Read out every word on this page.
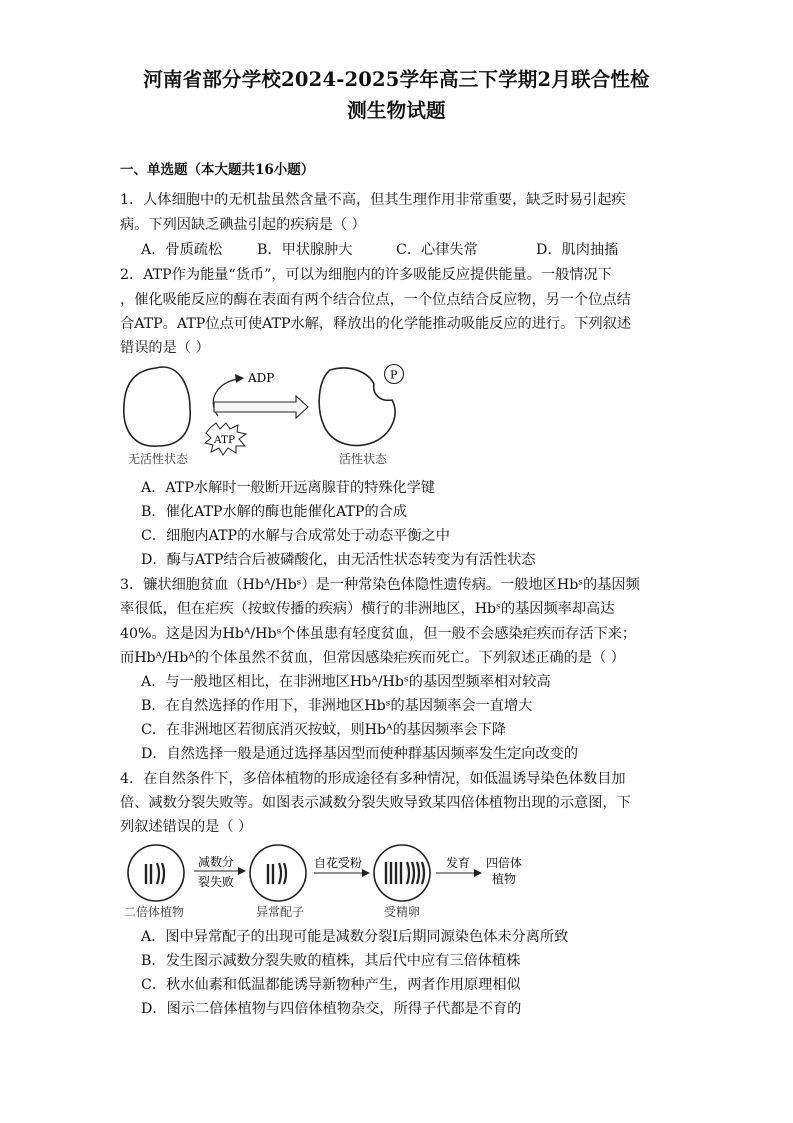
河南省部分学校2024-2025学年高三下学期2月联合性检
测生物试题
一、单选题（本大题共16小题）
1．人体细胞中的无机盐虽然含量不高，但其生理作用非常重要，缺乏时易引起疾
病。下列因缺乏碘盐引起的疾病是（ ）
A．骨质疏松 B．甲状腺肿大	C．心律失常	D．肌肉抽搐
2．ATP作为能量“货币”，可以为细胞内的许多吸能反应提供能量。一般情况下
，催化吸能反应的酶在表面有两个结合位点，一个位点结合反应物，另一个位点结
合ATP。ATP位点可使ATP水解，释放出的化学能推动吸能反应的进行。下列叙述
错误的是（ ）
ADP
ATP
P
无活性状态	活性状态
A．ATP水解时一般断开远离腺苷的特殊化学键
B．催化ATP水解的酶也能催化ATP的合成
C．细胞内ATP的水解与合成常处于动态平衡之中
D．酶与ATP结合后被磷酸化，由无活性状态转变为有活性状态
3．镰状细胞贫血（Hbᴬ/Hbˢ）是一种常染色体隐性遗传病。一般地区Hbˢ的基因频
率很低，但在疟疾（按蚊传播的疾病）横行的非洲地区，Hbˢ的基因频率却高达
40%。这是因为Hbᴬ/Hbˢ个体虽患有轻度贫血，但一般不会感染疟疾而存活下来；
而Hbᴬ/Hbᴬ的个体虽然不贫血，但常因感染疟疾而死亡。下列叙述正确的是（ ）
A．与一般地区相比，在非洲地区Hbᴬ/Hbˢ的基因型频率相对较高
B．在自然选择的作用下，非洲地区Hbˢ的基因频率会一直增大
C．在非洲地区若彻底消灭按蚊，则Hbᴬ的基因频率会下降
D．自然选择一般是通过选择基因型而使种群基因频率发生定向改变的
4．在自然条件下，多倍体植物的形成途径有多种情况，如低温诱导染色体数目加
倍、减数分裂失败等。如图表示减数分裂失败导致某四倍体植物出现的示意图，下
列叙述错误的是（ ）
减数分
裂失败
自花受粉	发育 四倍体
植物
二倍体植物	异常配子	受精卵
A．图中异常配子的出现可能是减数分裂Ⅰ后期同源染色体未分离所致
B．发生图示减数分裂失败的植株，其后代中应有三倍体植株
C．秋水仙素和低温都能诱导新物种产生，两者作用原理相似
D．图示二倍体植物与四倍体植物杂交，所得子代都是不育的
